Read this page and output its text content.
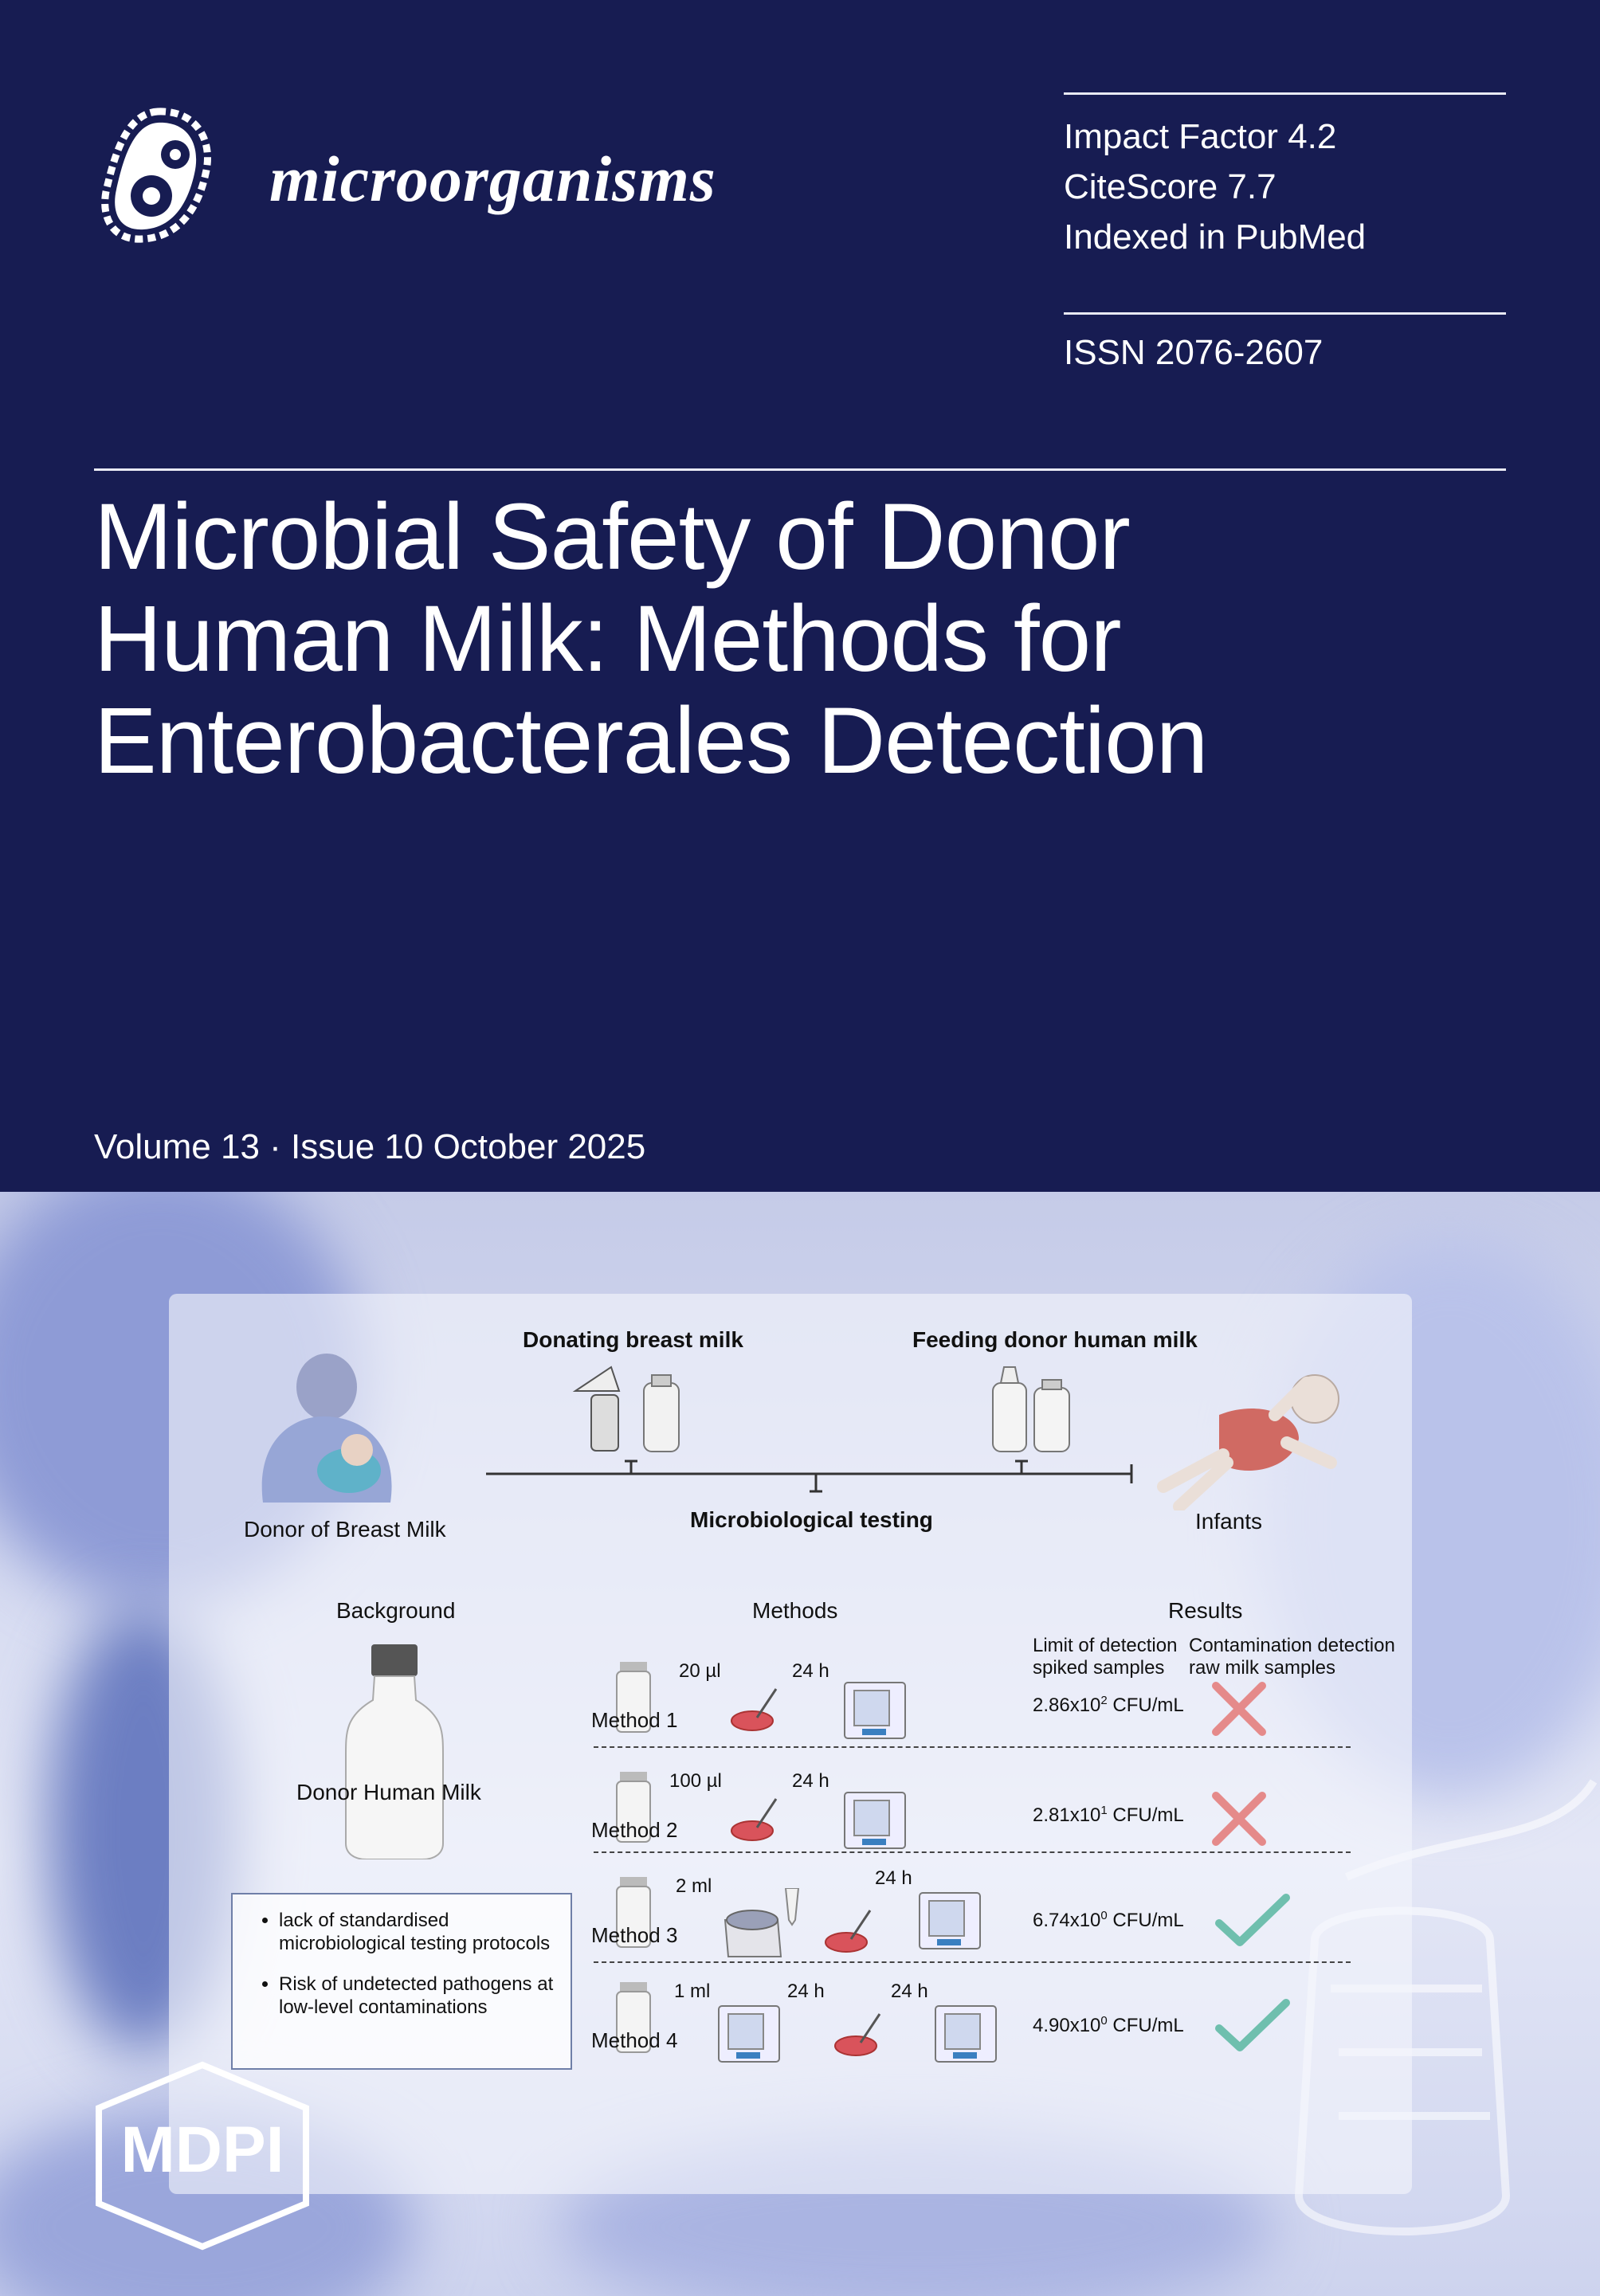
microorganisms
Impact Factor 4.2
CiteScore 7.7
Indexed in PubMed
ISSN 2076-2607
Microbial Safety of Donor
Human Milk: Methods for
Enterobacterales Detection
Volume 13 · Issue 10 October 2025
Donating breast milk	Feeding donor human milk
Donor of Breast Milk	Microbiological testing	Infants
Background	Methods	Results
Limit of detection
spiked samples
Contamination detection
raw milk samples
Donor Human Milk
• lack of standardised microbiological testing protocols
• Risk of undetected pathogens at low-level contaminations
Method 1
20 µl	24 h
$2.86x10^2$ CFU/mL
Method 2
100 µl	24 h
$2.81x10^1$ CFU/mL
Method 3
2 ml	24 h
$6.74x10^0$ CFU/mL
Method 4
1 ml	24 h	24 h
$4.90x10^0$ CFU/mL
MDPI
